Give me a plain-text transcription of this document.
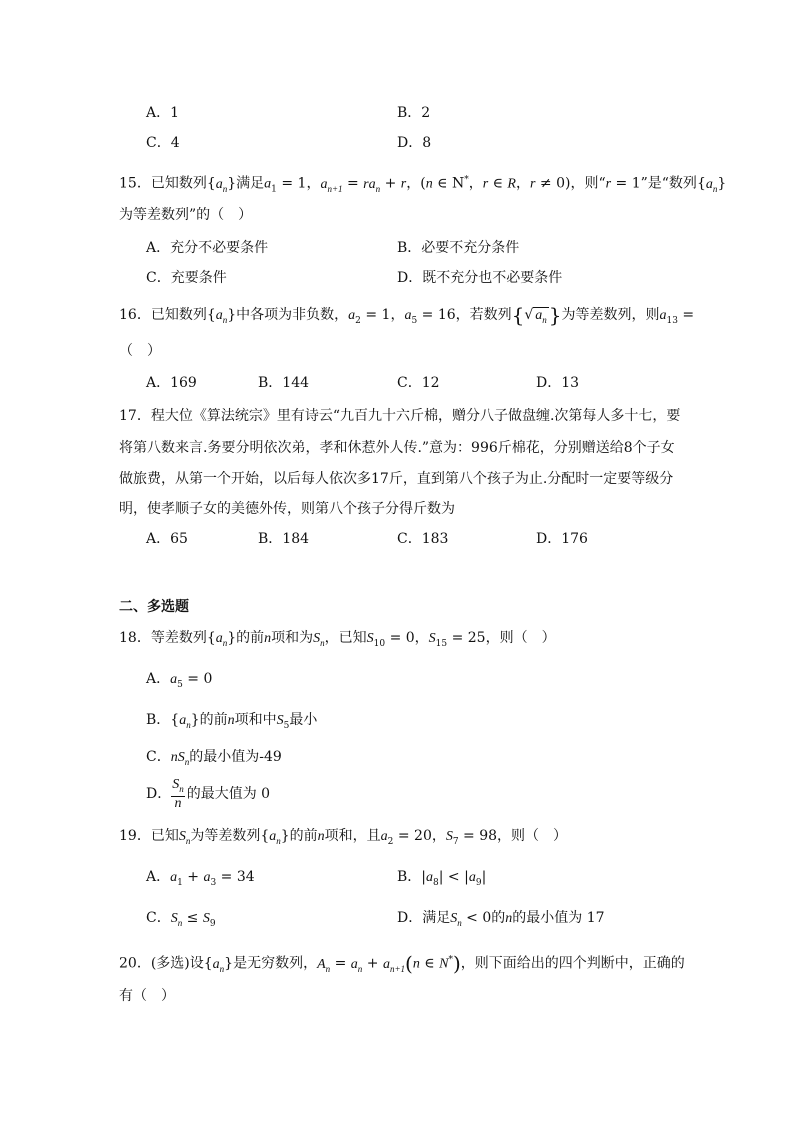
A．1	B．2
C．4	D．8
15．已知数列$\{a_n\}$满足$a_1 = 1$，$a_{n+1} = ra_n + r$，(n ∈ N*，r ∈ R，r ≠ 0)，则“r = 1”是“数列$\{a_n\}$
为等差数列”的（　）
A．充分不必要条件	B．必要不充分条件
C．充要条件	D．既不充分也不必要条件
16．已知数列$\{a_n\}$中各项为非负数，$a_2 = 1$，$a_5 = 16$，若数列{√ $a_n$ }为等差数列，则$a_{13}$ =
（　）
A．169	B．144	C．12	D．13
17．程大位《算法统宗》里有诗云“九百九十六斤棉，赠分八子做盘缠.次第每人多十七，要
将第八数来言.务要分明依次弟，孝和休惹外人传.”意为：996斤棉花，分别赠送给8个子女
做旅费，从第一个开始，以后每人依次多17斤，直到第八个孩子为止.分配时一定要等级分
明，使孝顺子女的美德外传，则第八个孩子分得斤数为
A．65	B．184	C．183	D．176
二、多选题
18．等差数列$\{a_n\}$的前n项和为$S_n$，已知$S_{10} = 0$，$S_{15} = 25$，则（　）
A．$a_5 = 0$
B．$\{a_n\}$的前n项和中$S_5$最小
C．$nS_n$的最小值为-49
D． $\frac{S_n}{n}$ 的最大值为 0
19．已知$S_n$为等差数列$\{a_n\}$的前n项和，且$a_2 = 20$，$S_7 = 98$，则（　）
A．$a_1 + a_3 = 34$	B．$|a_8| < |a_9|$
C．$S_n \le S_9$	D．满足$S_n < 0$的n的最小值为 17
20．(多选)设$\{a_n\}$是无穷数列，$A_n = a_n + a_{n+1}(n$ ∈ N*)，则下面给出的四个判断中，正确的
有（　）
